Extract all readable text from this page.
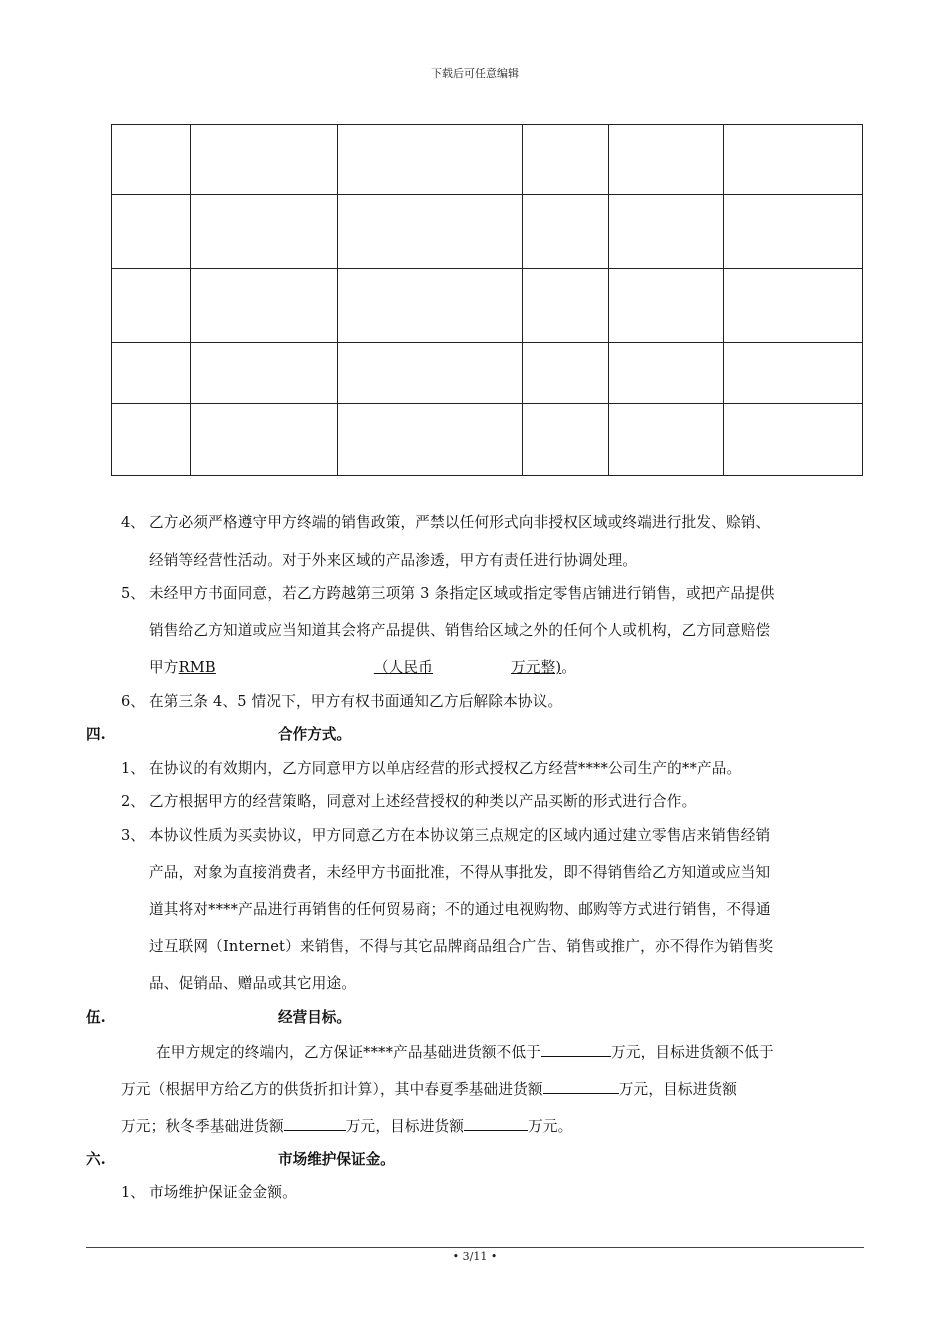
下载后可任意编辑

4、 乙方必须严格遵守甲方终端的销售政策，严禁以任何形式向非授权区域或终端进行批发、赊销、
经销等经营性活动。对于外来区域的产品渗透，甲方有责任进行协调处理。
5、 未经甲方书面同意，若乙方跨越第三项第 3 条指定区域或指定零售店铺进行销售，或把产品提供
销售给乙方知道或应当知道其会将产品提供、销售给区域之外的任何个人或机构，乙方同意赔偿
甲方RMB	（人民币	万元整)。
6、 在第三条 4、5 情况下，甲方有权书面通知乙方后解除本协议。
四.	合作方式。
1、 在协议的有效期内，乙方同意甲方以单店经营的形式授权乙方经营****公司生产的**产品。
2、 乙方根据甲方的经营策略，同意对上述经营授权的种类以产品买断的形式进行合作。
3、 本协议性质为买卖协议，甲方同意乙方在本协议第三点规定的区域内通过建立零售店来销售经销
产品，对象为直接消费者，未经甲方书面批准，不得从事批发，即不得销售给乙方知道或应当知
道其将对****产品进行再销售的任何贸易商；不的通过电视购物、邮购等方式进行销售，不得通
过互联网（Internet）来销售，不得与其它品牌商品组合广告、销售或推广，亦不得作为销售奖
品、促销品、赠品或其它用途。
伍.	经营目标。
在甲方规定的终端内，乙方保证****产品基础进货额不低于	万元，目标进货额不低于
万元（根据甲方给乙方的供货折扣计算），其中春夏季基础进货额	万元，目标进货额
万元；秋冬季基础进货额	万元，目标进货额	万元。
六.	市场维护保证金。
1、 市场维护保证金金额。
• 3/11 •
